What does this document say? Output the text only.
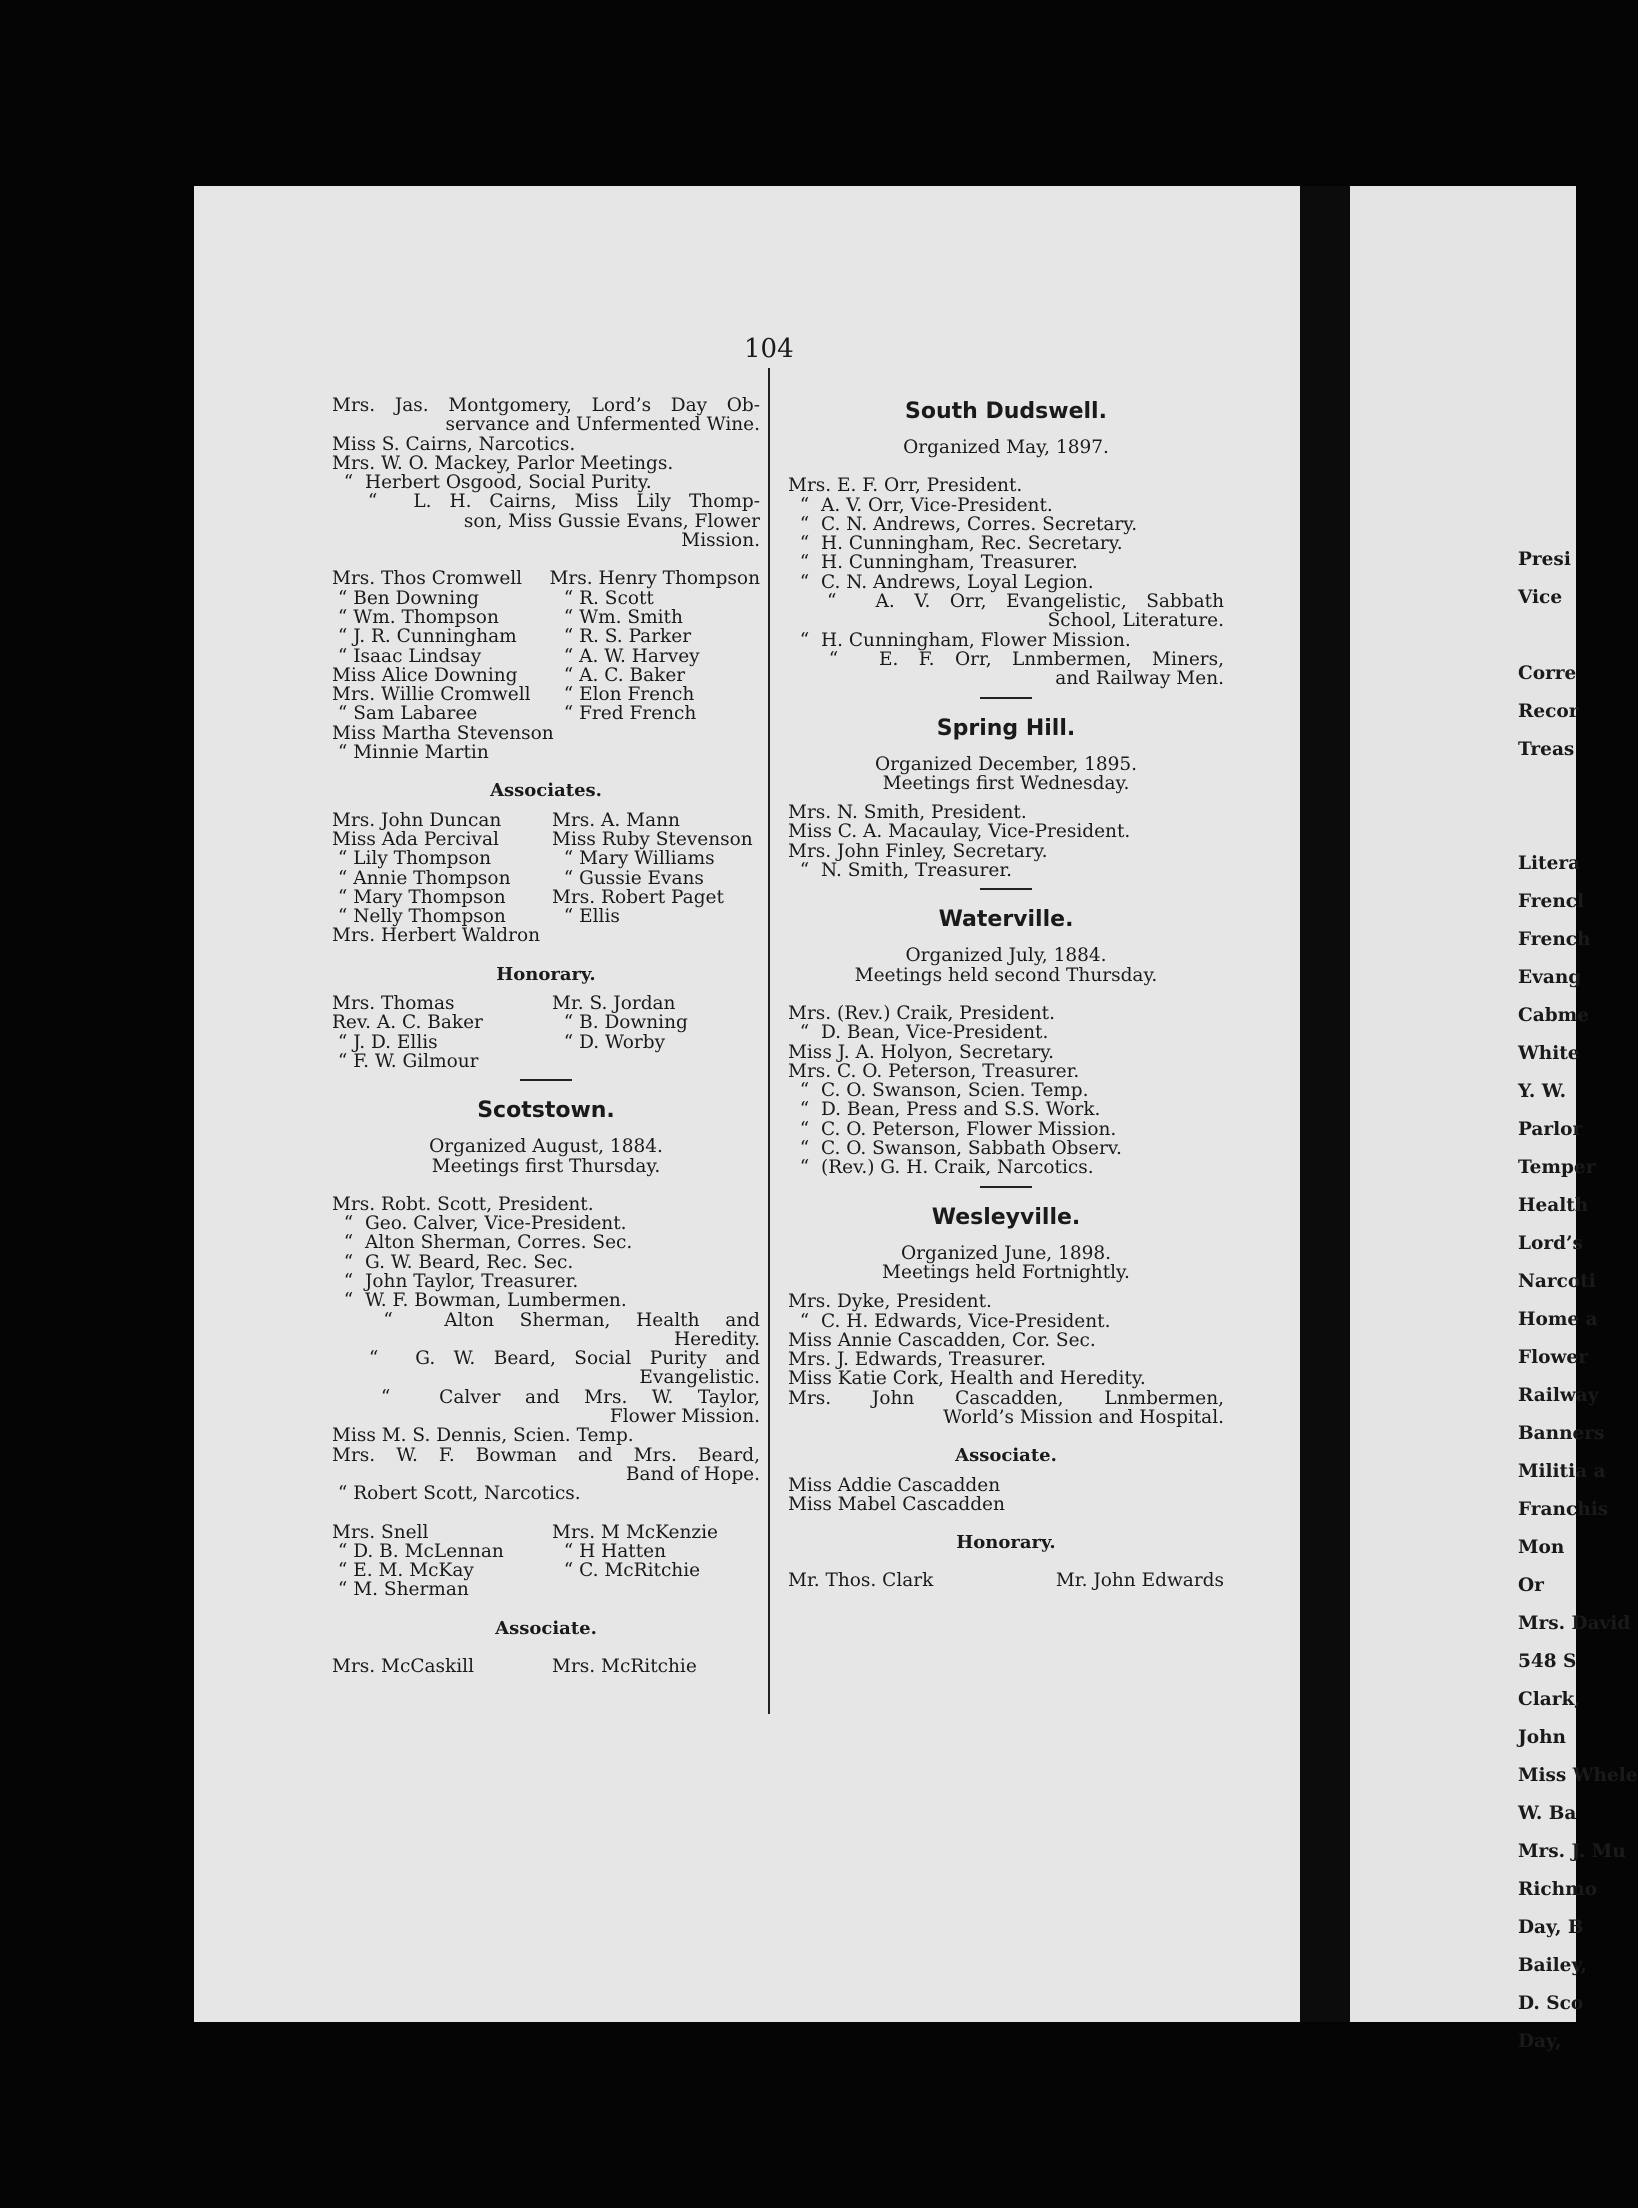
104
Mrs. Jas. Montgomery, Lord’s Day Ob-
servance and Unfermented Wine.
Miss S. Cairns, Narcotics.
Mrs. W. O. Mackey, Parlor Meetings.
“  Herbert Osgood, Social Purity.
“  L. H. Cairns, Miss Lily Thomp-
son, Miss Gussie Evans, Flower
Mission.
Mrs. Thos Cromwell	Mrs. Henry Thompson
“ Ben Downing	“ R. Scott
“ Wm. Thompson	“ Wm. Smith
“ J. R. Cunningham	“ R. S. Parker
“ Isaac Lindsay	“ A. W. Harvey
Miss Alice Downing	“ A. C. Baker
Mrs. Willie Cromwell	“ Elon French
“ Sam Labaree	“ Fred French
Miss Martha Stevenson
“ Minnie Martin
Associates.
Mrs. John Duncan	Mrs. A. Mann
Miss Ada Percival	Miss Ruby Stevenson
“ Lily Thompson	“ Mary Williams
“ Annie Thompson	“ Gussie Evans
“ Mary Thompson	Mrs. Robert Paget
“ Nelly Thompson	“ Ellis
Mrs. Herbert Waldron
Honorary.
Mrs. Thomas	Mr. S. Jordan
Rev. A. C. Baker	“ B. Downing
“ J. D. Ellis	“ D. Worby
“ F. W. Gilmour
Scotstown.
Organized August, 1884.
Meetings first Thursday.
Mrs. Robt. Scott, President.
“  Geo. Calver, Vice-President.
“  Alton Sherman, Corres. Sec.
“  G. W. Beard, Rec. Sec.
“  John Taylor, Treasurer.
“  W. F. Bowman, Lumbermen.
“  Alton Sherman, Health and
Heredity.
“  G. W. Beard, Social Purity and
Evangelistic.
“  Calver and Mrs. W. Taylor,
Flower Mission.
Miss M. S. Dennis, Scien. Temp.
Mrs. W. F. Bowman and Mrs. Beard,
Band of Hope.
“ Robert Scott, Narcotics.
Mrs. Snell	Mrs. M McKenzie
“ D. B. McLennan	“ H Hatten
“ E. M. McKay	“ C. McRitchie
“ M. Sherman
Associate.
Mrs. McCaskill	Mrs. McRitchie
South Dudswell.
Organized May, 1897.
Mrs. E. F. Orr, President.
“  A. V. Orr, Vice-President.
“  C. N. Andrews, Corres. Secretary.
“  H. Cunningham, Rec. Secretary.
“  H. Cunningham, Treasurer.
“  C. N. Andrews, Loyal Legion.
“  A. V. Orr, Evangelistic, Sabbath
School, Literature.
“  H. Cunningham, Flower Mission.
“  E. F. Orr, Lnmbermen, Miners,
and Railway Men.
Spring Hill.
Organized December, 1895.
Meetings first Wednesday.
Mrs. N. Smith, President.
Miss C. A. Macaulay, Vice-President.
Mrs. John Finley, Secretary.
“  N. Smith, Treasurer.
Waterville.
Organized July, 1884.
Meetings held second Thursday.
Mrs. (Rev.) Craik, President.
“  D. Bean, Vice-President.
Miss J. A. Holyon, Secretary.
Mrs. C. O. Peterson, Treasurer.
“  C. O. Swanson, Scien. Temp.
“  D. Bean, Press and S.S. Work.
“  C. O. Peterson, Flower Mission.
“  C. O. Swanson, Sabbath Observ.
“  (Rev.) G. H. Craik, Narcotics.
Wesleyville.
Organized June, 1898.
Meetings held Fortnightly.
Mrs. Dyke, President.
“  C. H. Edwards, Vice-President.
Miss Annie Cascadden, Cor. Sec.
Mrs. J. Edwards, Treasurer.
Miss Katie Cork, Health and Heredity.
Mrs. John Cascadden, Lnmbermen,
World’s Mission and Hospital.
Associate.
Miss Addie Cascadden
Miss Mabel Cascadden
Honorary.
Mr. Thos. Clark	Mr. John Edwards
Presi
Vice
Corre
Recor
Treas
Litera
Frencl
French
Evang
Cabme
White
Y. W.
Parlor
Temper
Health
Lord’s
Narcoti
Home a
Flower
Railway
Banners
Militia a
Franchis
Mon
Or
Mrs. David
548 S
Clark,
John
Miss Whele
W. Ba
Mrs. J. Mu
Richmo
Day, B
Bailey,
D. Sco
Day,
